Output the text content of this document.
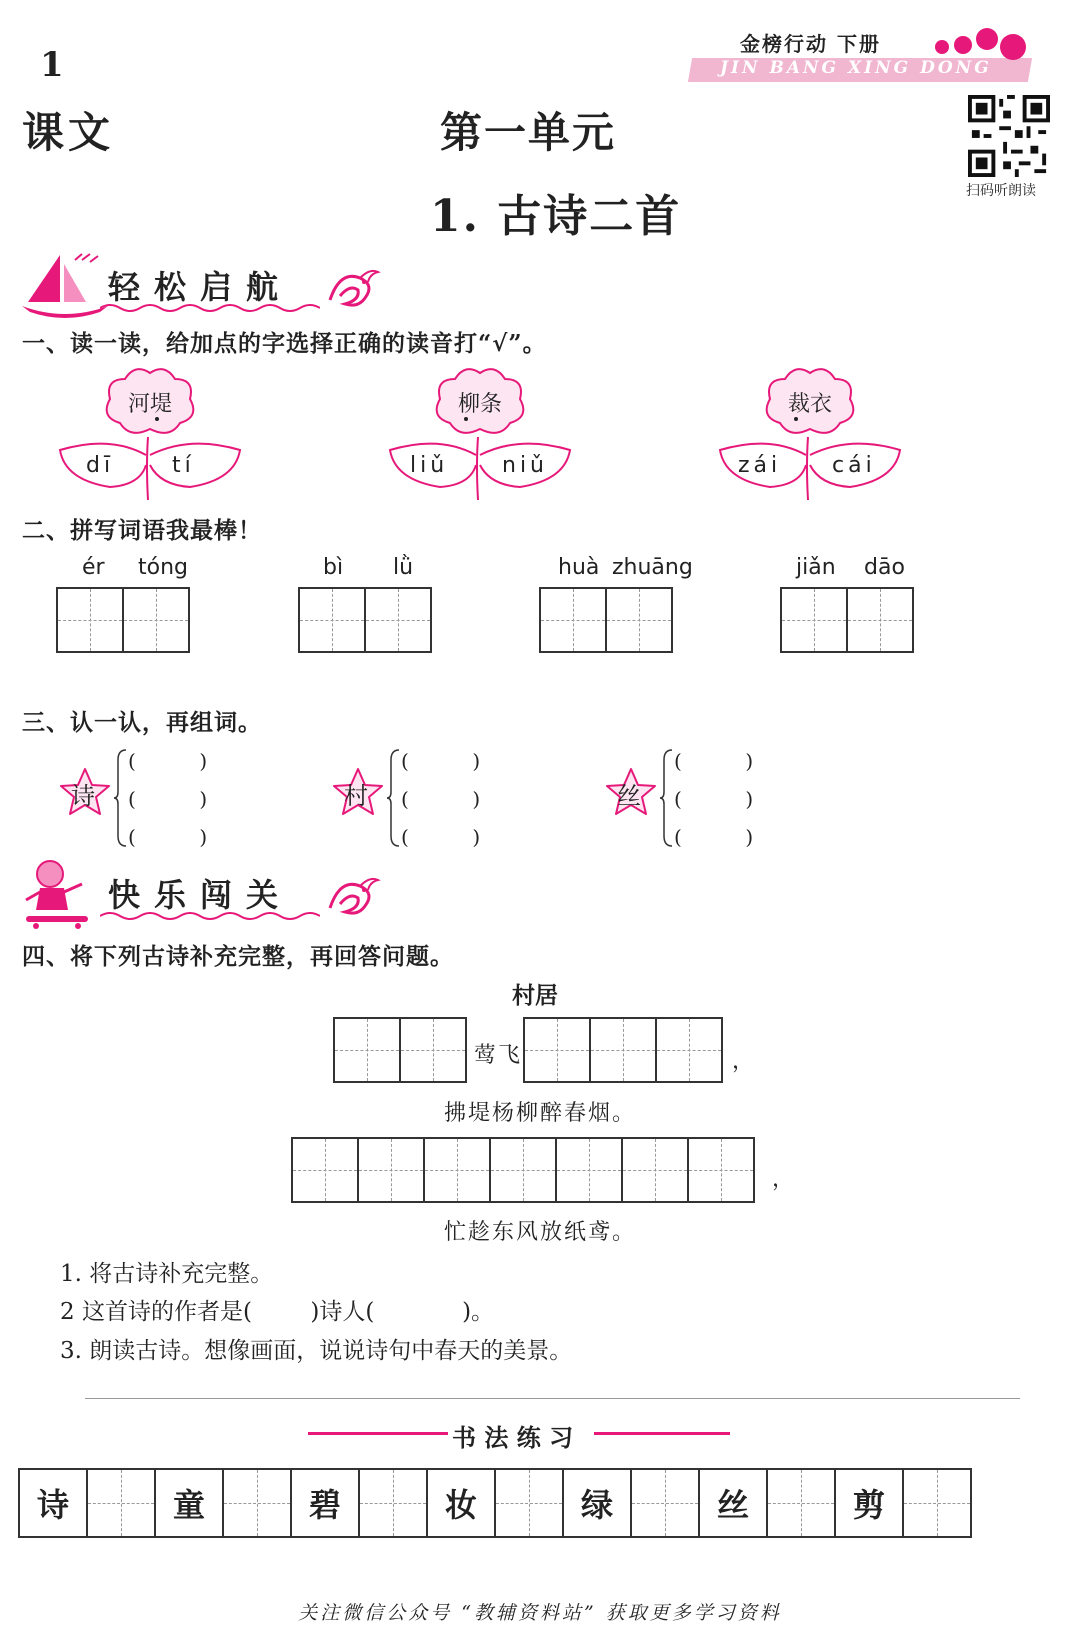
1
课文	第一单元
1. 古诗二首
金榜行动 下册
JIN BANG XING DONG
扫码听朗读
轻松启航
一、读一读，给加点的字选择正确的读音打“√”。
河堤
dī	tí
柳条
liǔ niǔ
裁衣
zái cái
二、拼写词语我最棒！
ér tóng	bì lǜ	huà zhuāng	jiǎn dāo
三、认一认，再组词。
诗
(          )
(          )
(          )
村
(          )
(          )
(          )
丝
(          )
(          )
(          )
快乐闯关
四、将下列古诗补充完整，再回答问题。
村居
莺飞	，
拂堤杨柳醉春烟。
，
忙趁东风放纸鸢。
1. 将古诗补充完整。
2 这首诗的作者是(        )诗人(            )。
3. 朗读古诗。想像画面，说说诗句中春天的美景。
书 法 练 习
诗	童	碧	妆	绿	丝	剪
关注微信公众号 “教辅资料站” 获取更多学习资料
